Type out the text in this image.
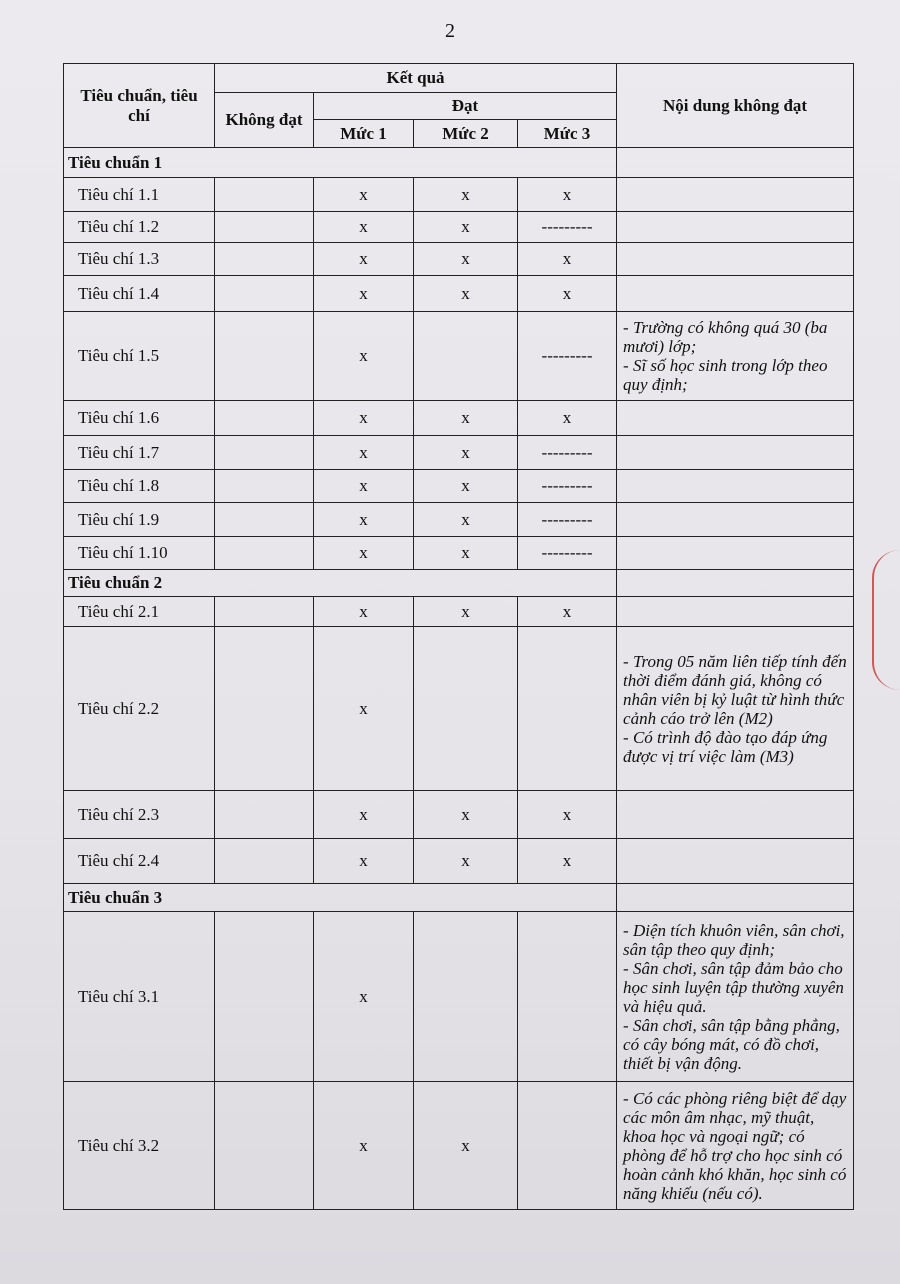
2
Tiêu chuẩn, tiêu chí	Kết quả				Nội dung không đạt
	Không đạt	Đạt			
		Mức 1	Mức 2	Mức 3	
Tiêu chuẩn 1					
Tiêu chí 1.1		x	x	x	
Tiêu chí 1.2		x	x	---------	
Tiêu chí 1.3		x	x	x	
Tiêu chí 1.4		x	x	x	
Tiêu chí 1.5		x		---------	- Trường có không quá 30 (ba mươi) lớp;
- Sĩ số học sinh trong lớp theo quy định;

Tiêu chí 1.6		x	x	x	
Tiêu chí 1.7		x	x	---------	
Tiêu chí 1.8		x	x	---------	
Tiêu chí 1.9		x	x	---------	
Tiêu chí 1.10		x	x	---------	
Tiêu chuẩn 2					
Tiêu chí 2.1		x	x	x	
Tiêu chí 2.2		x			- Trong 05 năm liên tiếp tính đến thời điểm đánh giá, không có nhân viên bị kỷ luật từ hình thức cảnh cáo trở lên (M2)
- Có trình độ đào tạo đáp ứng được vị trí việc làm (M3)

Tiêu chí 2.3		x	x	x	
Tiêu chí 2.4		x	x	x	
Tiêu chuẩn 3					
Tiêu chí 3.1		x			- Diện tích khuôn viên, sân chơi, sân tập theo quy định;
- Sân chơi, sân tập đảm bảo cho học sinh luyện tập thường xuyên và hiệu quả.
- Sân chơi, sân tập bằng phẳng, có cây bóng mát, có đồ chơi, thiết bị vận động.

Tiêu chí 3.2		x	x		- Có các phòng riêng biệt để dạy các môn âm nhạc, mỹ thuật, khoa học và ngoại ngữ; có phòng để hỗ trợ cho học sinh có hoàn cảnh khó khăn, học sinh có năng khiếu (nếu có).
